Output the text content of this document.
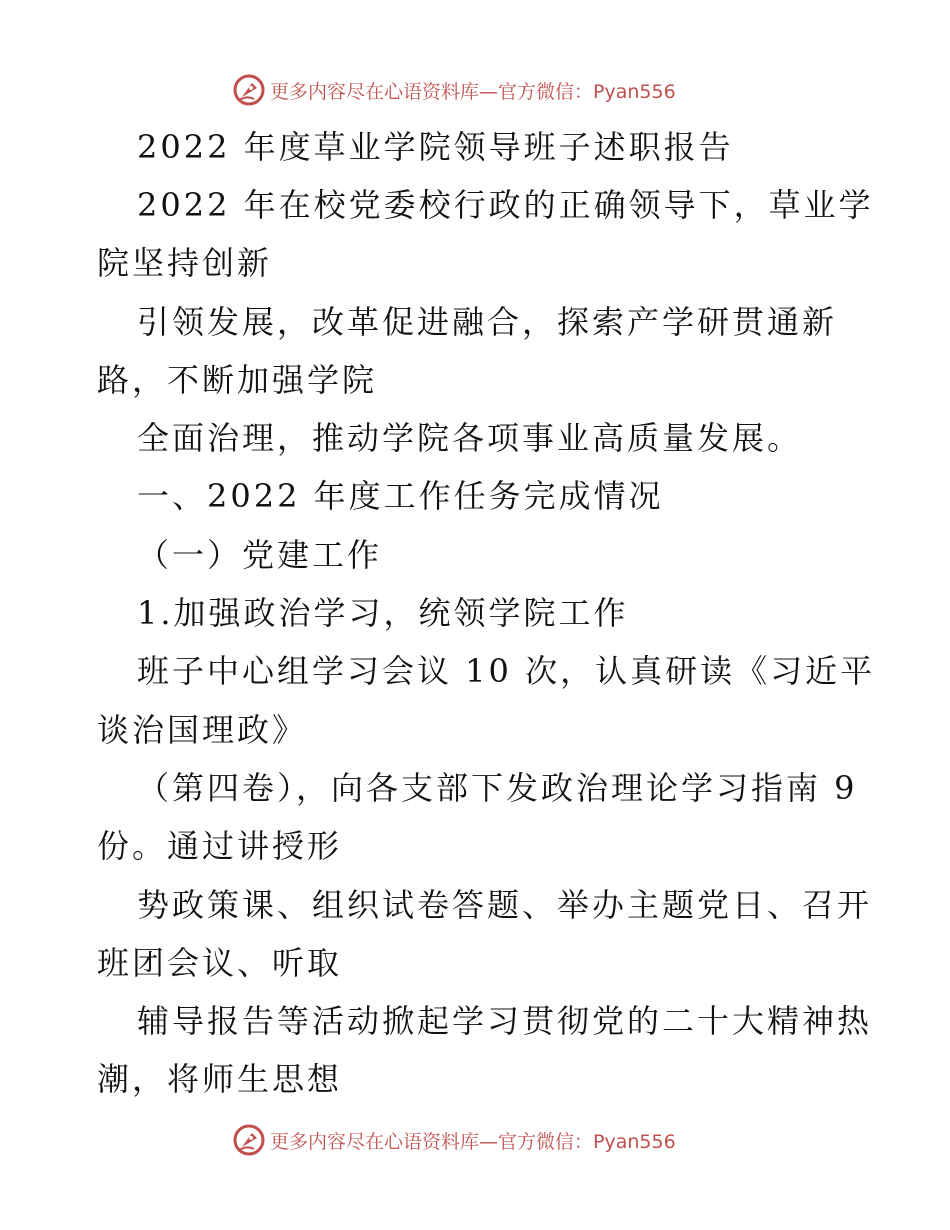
更多内容尽在心语资料库—官方微信：Pyan556
2022 年度草业学院领导班子述职报告
2022 年在校党委校行政的正确领导下，草业学
院坚持创新
引领发展，改革促进融合，探索产学研贯通新
路，不断加强学院
全面治理，推动学院各项事业高质量发展。
一、2022 年度工作任务完成情况
（一）党建工作
1.加强政治学习，统领学院工作
班子中心组学习会议 10 次，认真研读《习近平
谈治国理政》
（第四卷），向各支部下发政治理论学习指南 9
份。通过讲授形
势政策课、组织试卷答题、举办主题党日、召开
班团会议、听取
辅导报告等活动掀起学习贯彻党的二十大精神热
潮，将师生思想
更多内容尽在心语资料库—官方微信：Pyan556
